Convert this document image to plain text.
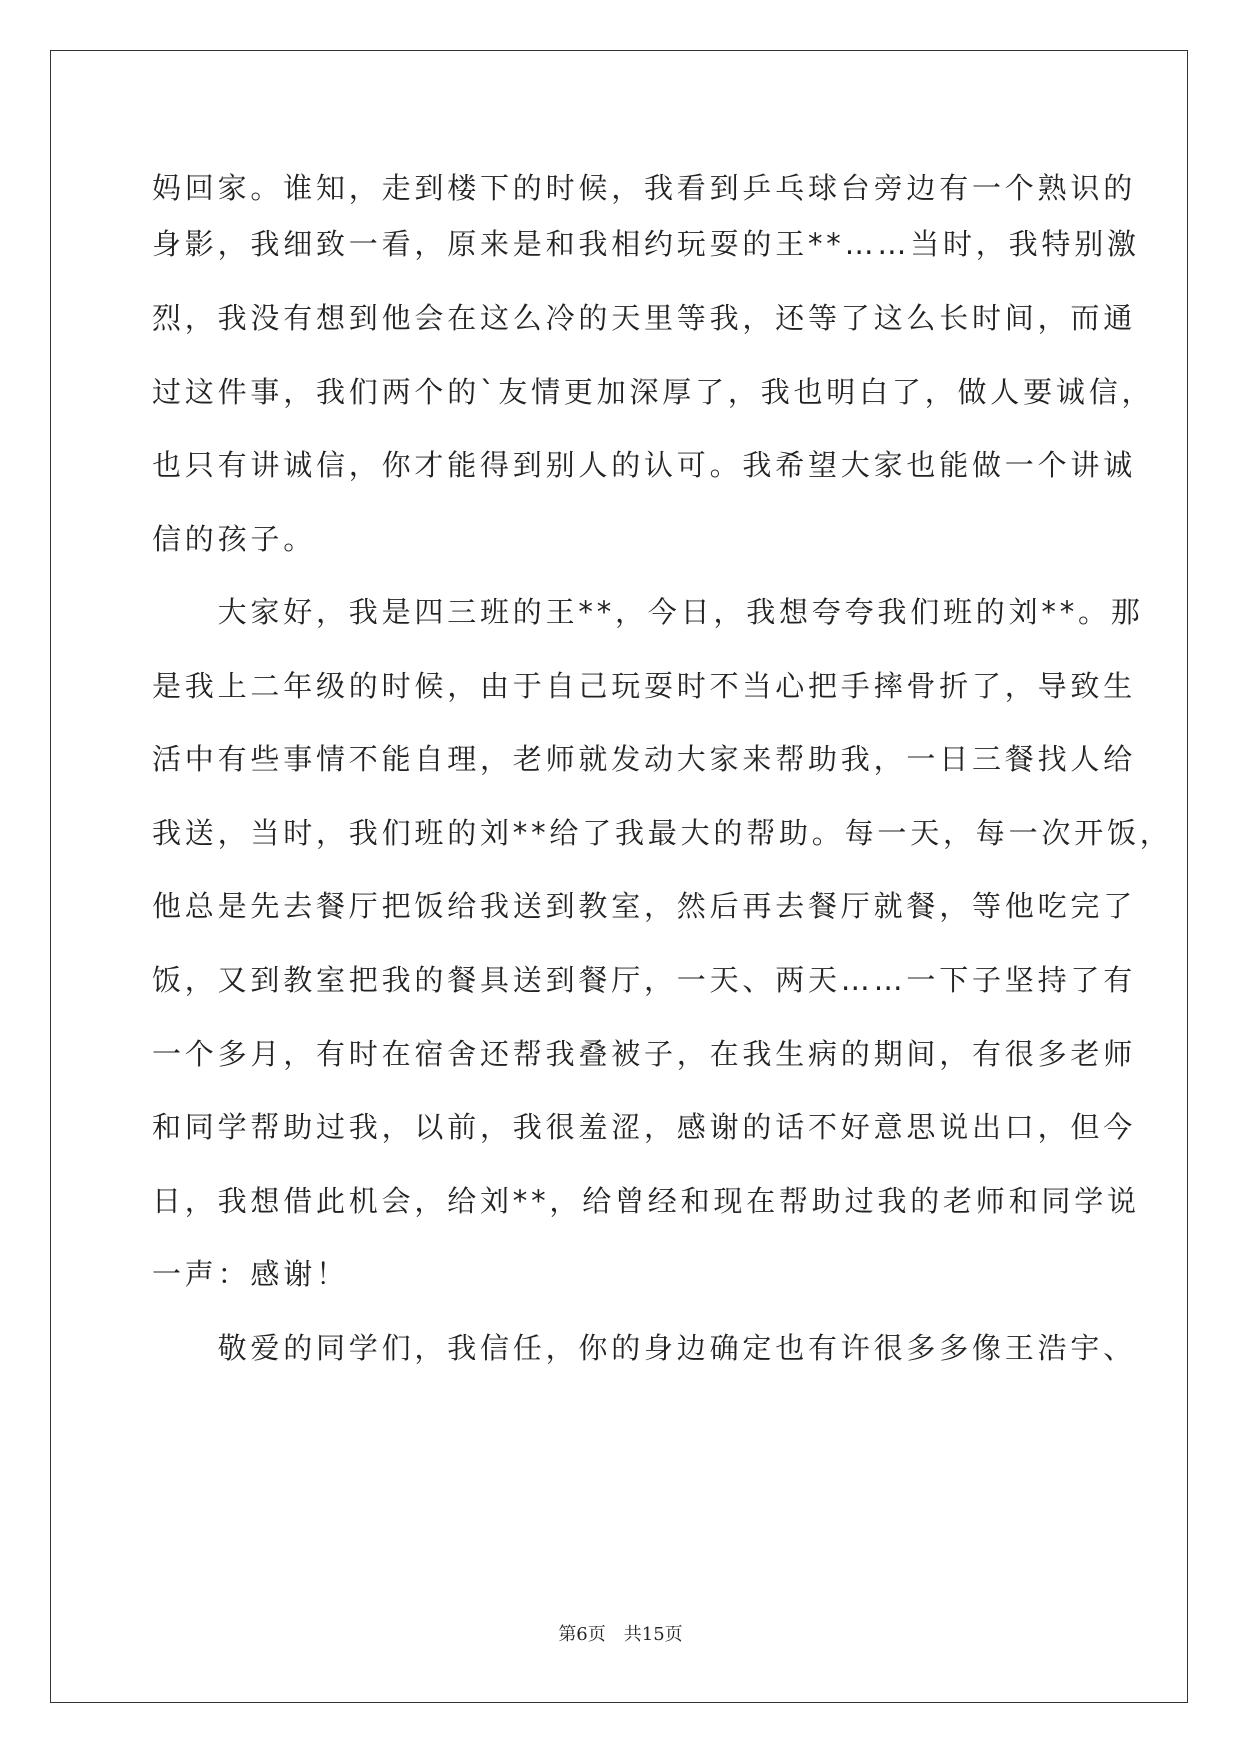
妈回家。谁知，走到楼下的时候，我看到乒乓球台旁边有一个熟识的
身影，我细致一看，原来是和我相约玩耍的王**……当时，我特别激
烈，我没有想到他会在这么冷的天里等我，还等了这么长时间，而通
过这件事，我们两个的`友情更加深厚了，我也明白了，做人要诚信，
也只有讲诚信，你才能得到别人的认可。我希望大家也能做一个讲诚
信的孩子。
　　大家好，我是四三班的王**，今日，我想夸夸我们班的刘**。那
是我上二年级的时候，由于自己玩耍时不当心把手摔骨折了，导致生
活中有些事情不能自理，老师就发动大家来帮助我，一日三餐找人给
我送，当时，我们班的刘**给了我最大的帮助。每一天，每一次开饭，
他总是先去餐厅把饭给我送到教室，然后再去餐厅就餐，等他吃完了
饭，又到教室把我的餐具送到餐厅，一天、两天……一下子坚持了有
一个多月，有时在宿舍还帮我叠被子，在我生病的期间，有很多老师
和同学帮助过我，以前，我很羞涩，感谢的话不好意思说出口，但今
日，我想借此机会，给刘**，给曾经和现在帮助过我的老师和同学说
一声：感谢！
　　敬爱的同学们，我信任，你的身边确定也有许很多多像王浩宇、
第6页　共15页
